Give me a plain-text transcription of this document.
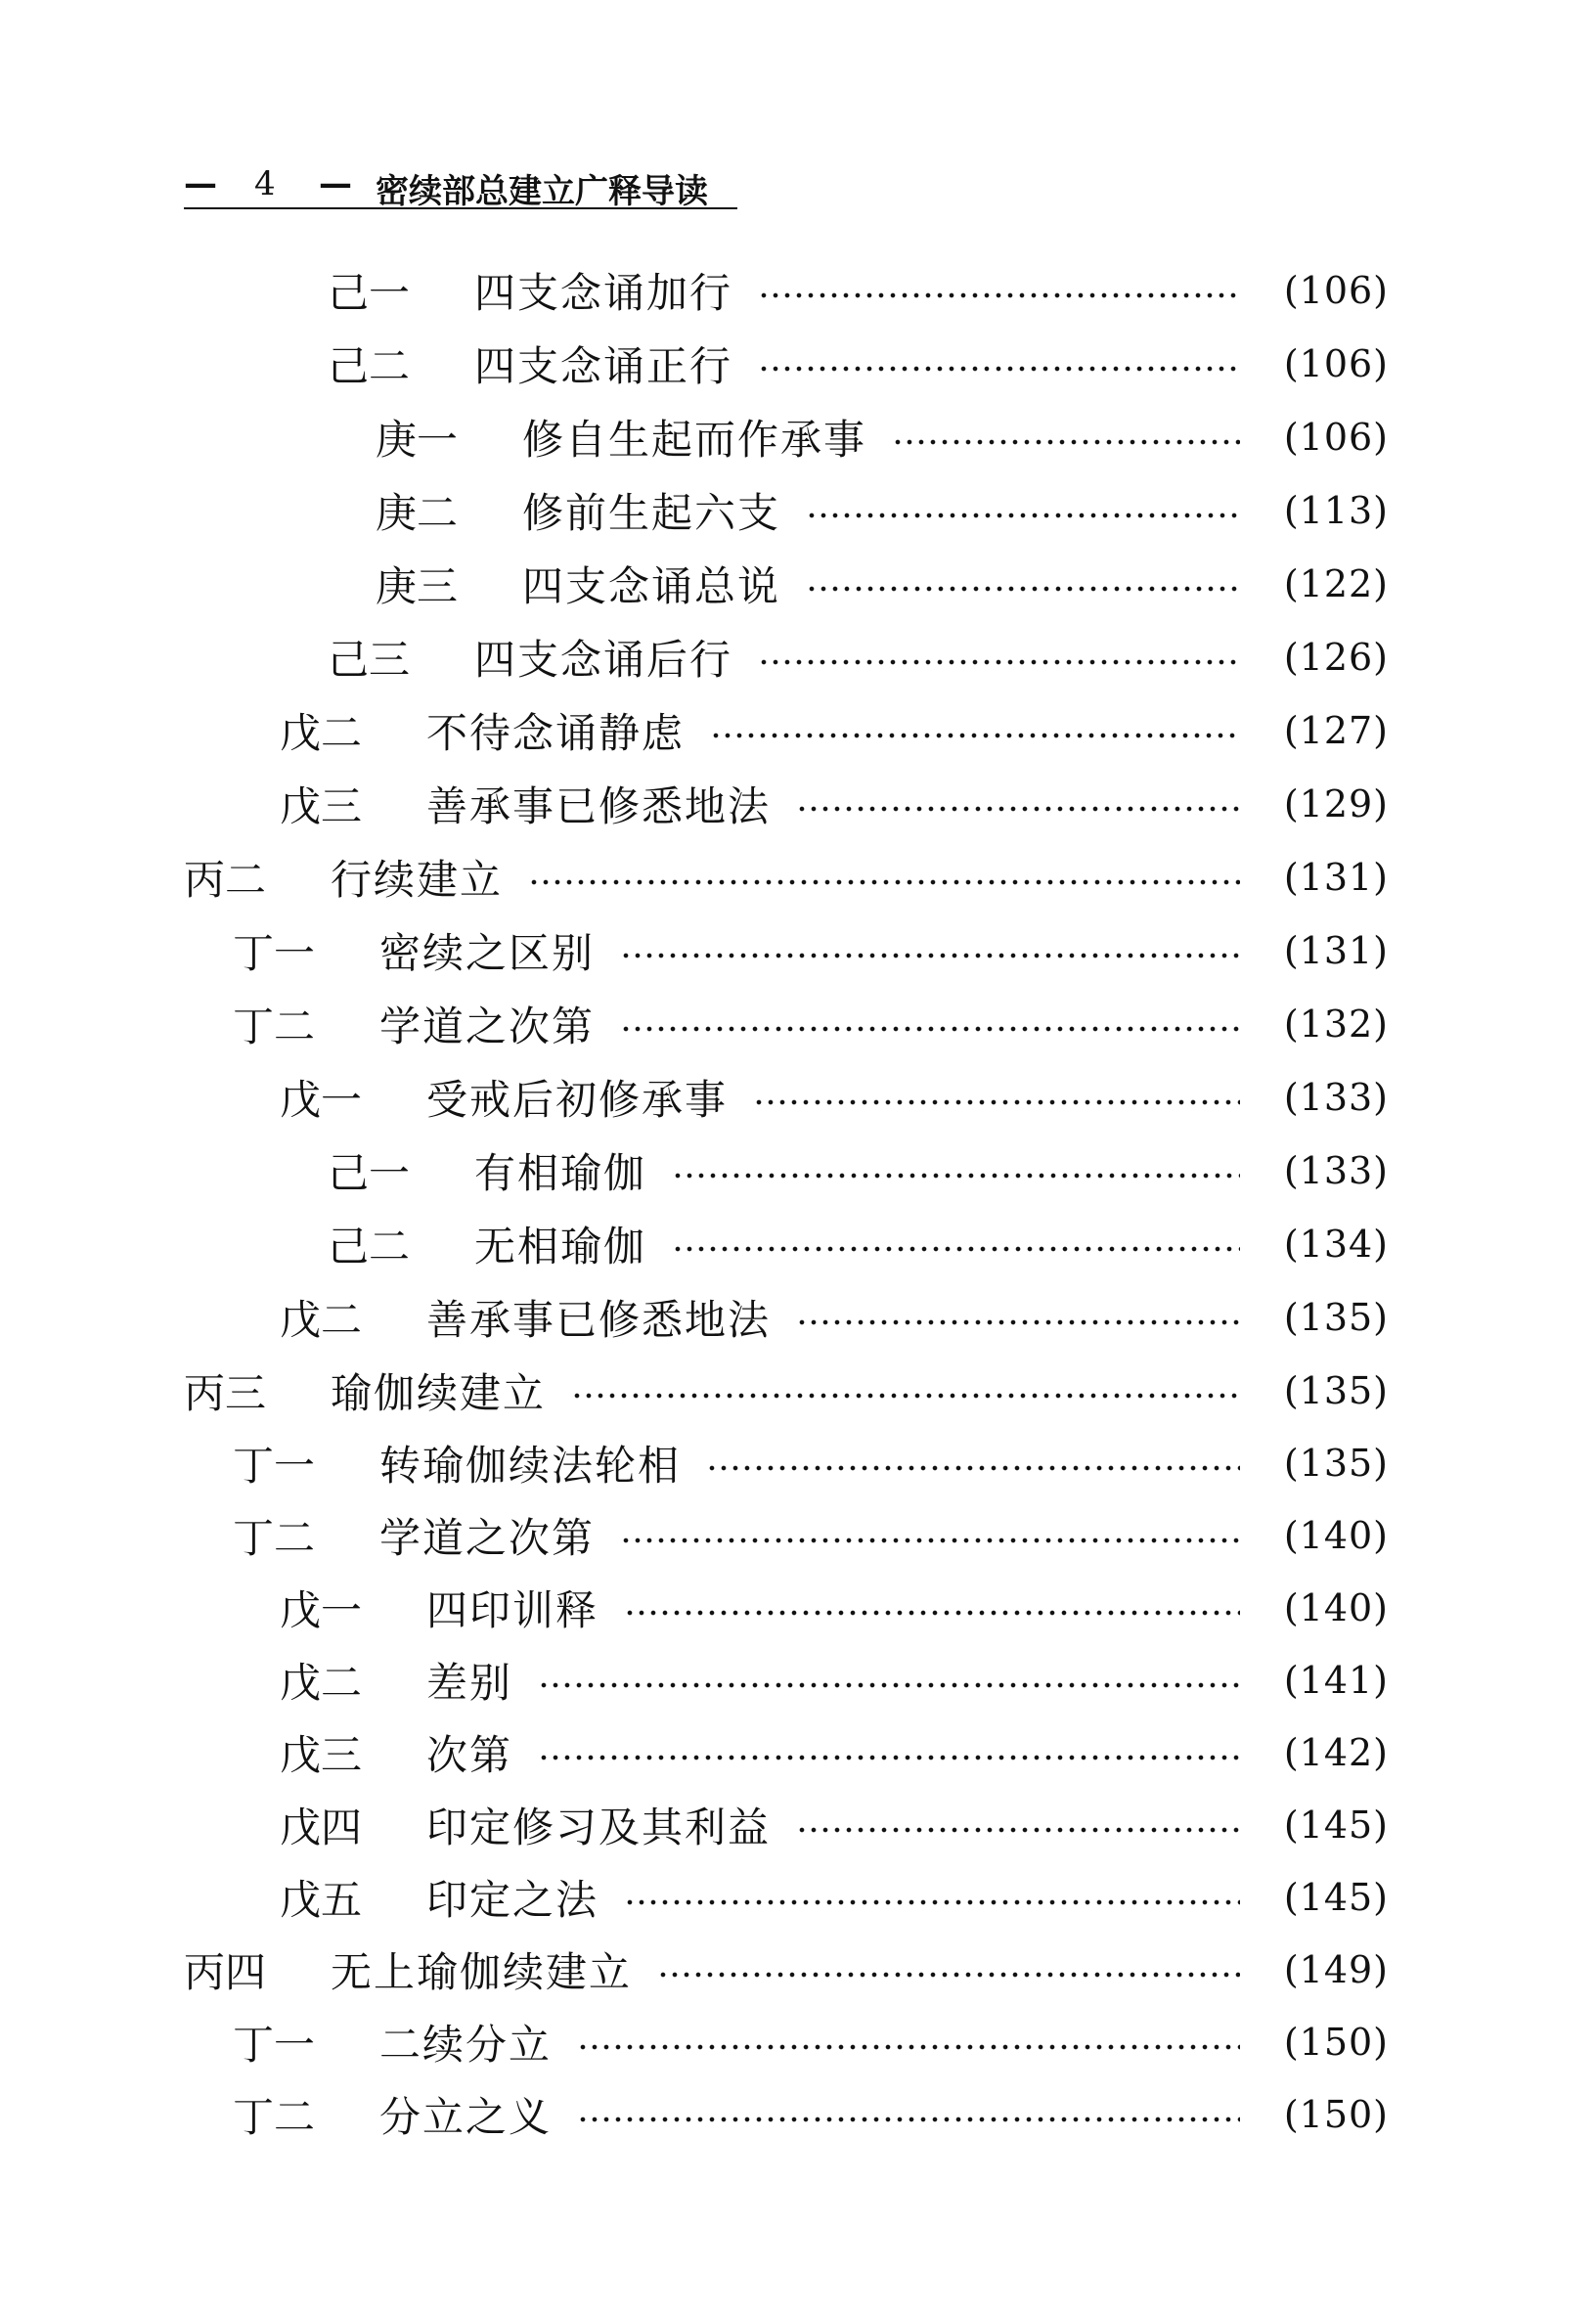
— 4 — 密续部总建立广释导读
己一	四支念诵加行	(106)
己二	四支念诵正行	(106)
庚一	修自生起而作承事	(106)
庚二	修前生起六支	(113)
庚三	四支念诵总说	(122)
己三	四支念诵后行	(126)
戊二	不待念诵静虑	(127)
戊三	善承事已修悉地法	(129)
丙二	行续建立	(131)
丁一	密续之区别	(131)
丁二	学道之次第	(132)
戊一	受戒后初修承事	(133)
己一	有相瑜伽	(133)
己二	无相瑜伽	(134)
戊二	善承事已修悉地法	(135)
丙三	瑜伽续建立	(135)
丁一	转瑜伽续法轮相	(135)
丁二	学道之次第	(140)
戊一	四印训释	(140)
戊二	差别	(141)
戊三	次第	(142)
戊四	印定修习及其利益	(145)
戊五	印定之法	(145)
丙四	无上瑜伽续建立	(149)
丁一	二续分立	(150)
丁二	分立之义	(150)
